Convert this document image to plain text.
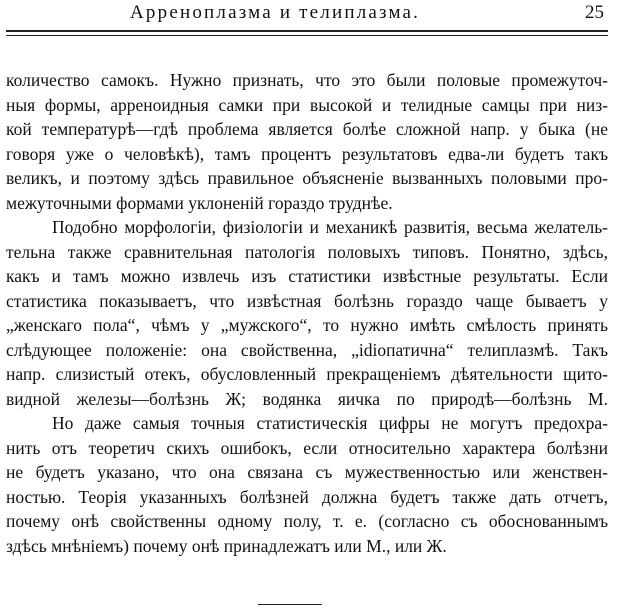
Арреноплазма и телиплазма.	25
количество самокъ. Нужно признать, что это были половые промежуточ-
ныя формы, арреноидныя самки при высокой и телидные самцы при низ-
кой температурѣ—гдѣ проблема является болѣе сложной напр. у быка (не
говоря уже о человѣкѣ), тамъ процентъ результатовъ едва-ли будетъ такъ
великъ, и поэтому здѣсь правильное объясненіе вызванныхъ половыми про-
межуточными формами уклоненій гораздо труднѣе.
Подобно морфологіи, физіологіи и механикѣ развитія, весьма желатель-
тельна также сравнительная патологія половыхъ типовъ. Понятно, здѣсь,
какъ и тамъ можно извлечь изъ статистики извѣстные результаты. Если
статистика показываетъ, что извѣстная болѣзнь гораздо чаще бываетъ у
„женскаго пола“, чѣмъ у „мужского“, то нужно имѣть смѣлость принять
слѣдующее положеніе: она свойственна, „idіопатична“ телиплазмѣ. Такъ
напр. слизистый отекъ, обусловленный прекращеніемъ дѣятельности щито-
видной железы—болѣзнь Ж; водянка яичка по природѣ—болѣзнь М.
Но даже самыя точныя статистическія цифры не могутъ предохра-
нить отъ теоретич скихъ ошибокъ, если относительно характера болѣзни
не будетъ указано, что она связана съ мужественностью или женствен-
ностью. Теорія указанныхъ болѣзней должна будетъ также дать отчетъ,
почему онѣ свойственны одному полу, т. е. (согласно съ обоснованнымъ
здѣсь мнѣніемъ) почему онѣ принадлежатъ или М., или Ж.
